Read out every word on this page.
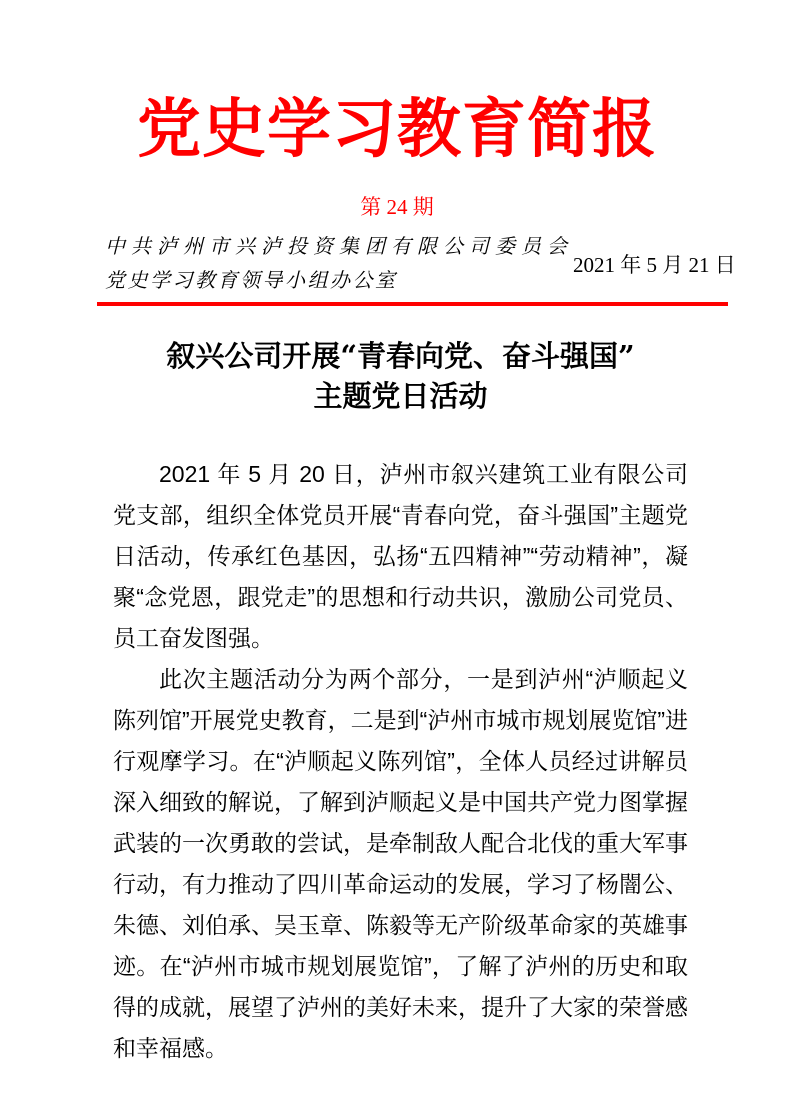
党史学习教育简报
第 24 期
中共泸州市兴泸投资集团有限公司委员会
党史学习教育领导小组办公室
2021 年 5 月 21 日
叙兴公司开展“青春向党、奋斗强国”
主题党日活动

2021 年 5 月 20 日，泸州市叙兴建筑工业有限公司党支部，组织全体党员开展“青春向党，奋斗强国”主题党日活动，传承红色基因，弘扬“五四精神”“劳动精神”，凝聚“念党恩，跟党走”的思想和行动共识，激励公司党员、员工奋发图强。

此次主题活动分为两个部分，一是到泸州“泸顺起义陈列馆”开展党史教育，二是到“泸州市城市规划展览馆”进行观摩学习。在“泸顺起义陈列馆”，全体人员经过讲解员深入细致的解说，了解到泸顺起义是中国共产党力图掌握武装的一次勇敢的尝试，是牵制敌人配合北伐的重大军事行动，有力推动了四川革命运动的发展，学习了杨闇公、朱德、刘伯承、吴玉章、陈毅等无产阶级革命家的英雄事迹。在“泸州市城市规划展览馆”，了解了泸州的历史和取得的成就，展望了泸州的美好未来，提升了大家的荣誉感和幸福感。
